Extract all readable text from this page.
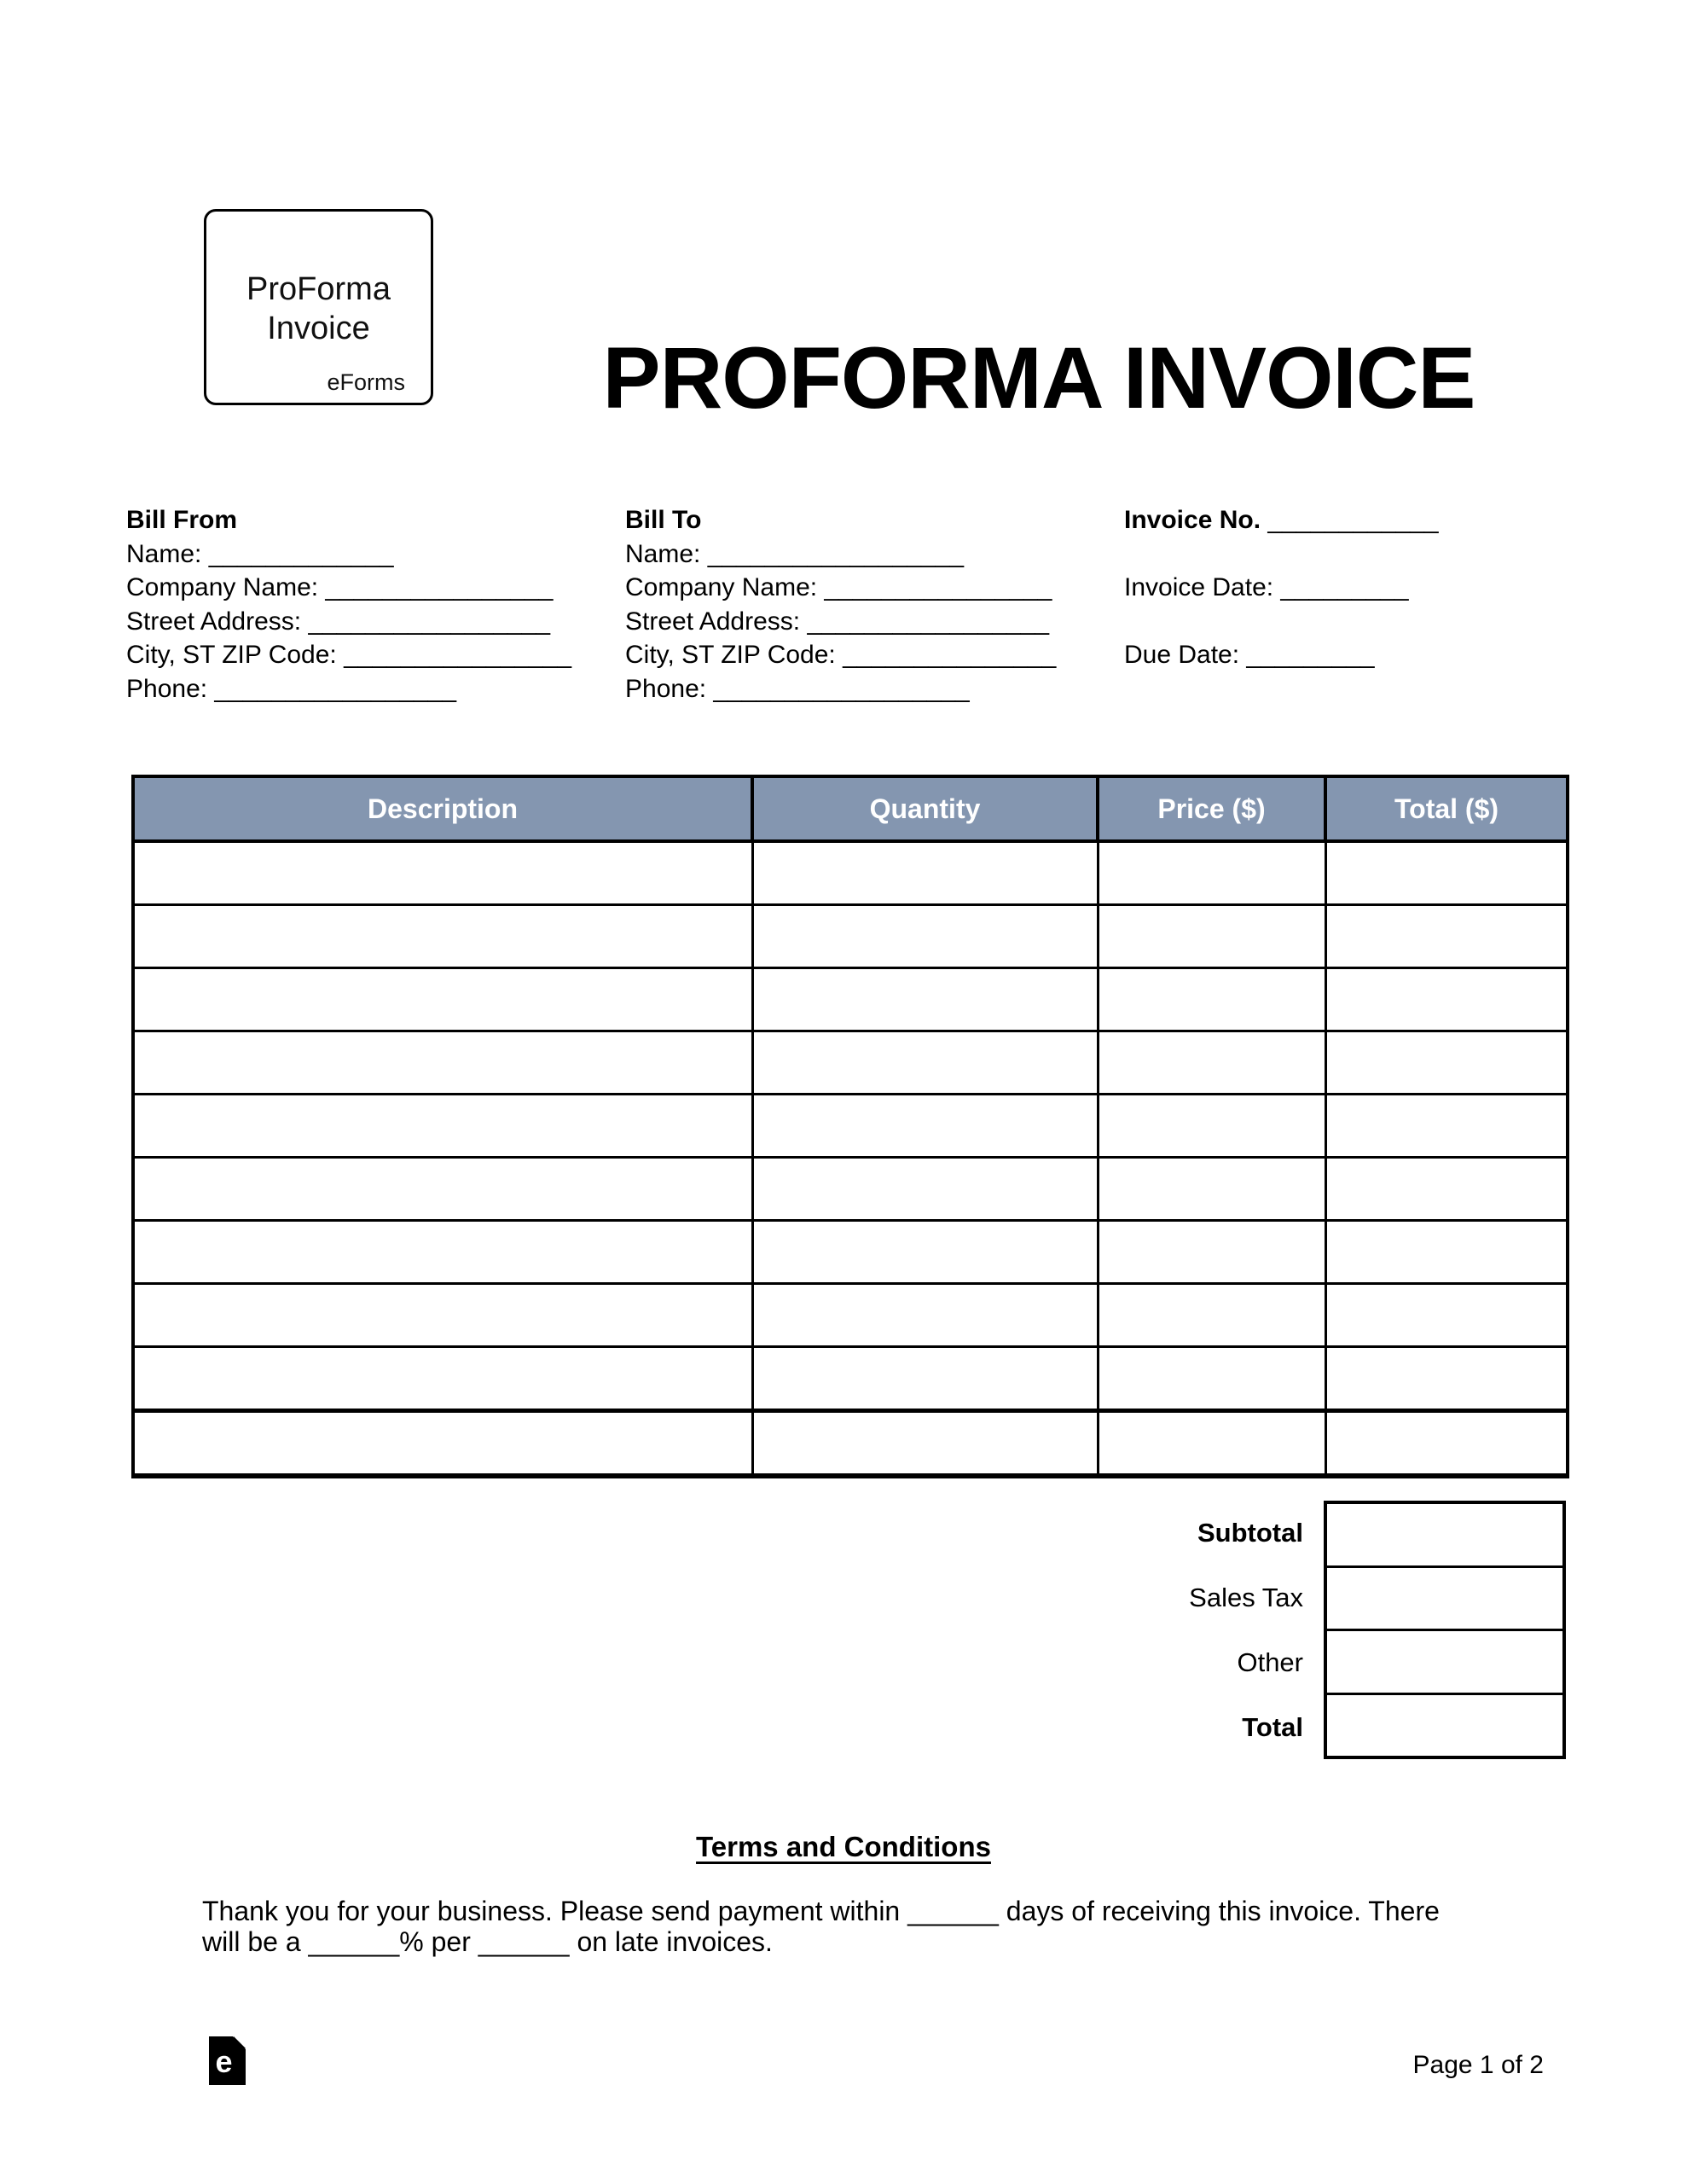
ProForma
Invoice
eForms	PROFORMA INVOICE
Bill From
Name: _____________
Company Name: ________________
Street Address: _________________
City, ST ZIP Code: ________________
Phone: _________________
Bill To
Name: __________________
Company Name: ________________
Street Address: _________________
City, ST ZIP Code: _______________
Phone: __________________
Invoice No. ____________
Invoice Date: _________
Due Date: _________
Description	Quantity	Price ($)	Total ($)

Subtotal
Sales Tax
Other
Total
Terms and Conditions
Thank you for your business. Please send payment within ______ days of receiving this invoice. There
will be a ______% per ______ on late invoices.
e	Page 1 of 2
